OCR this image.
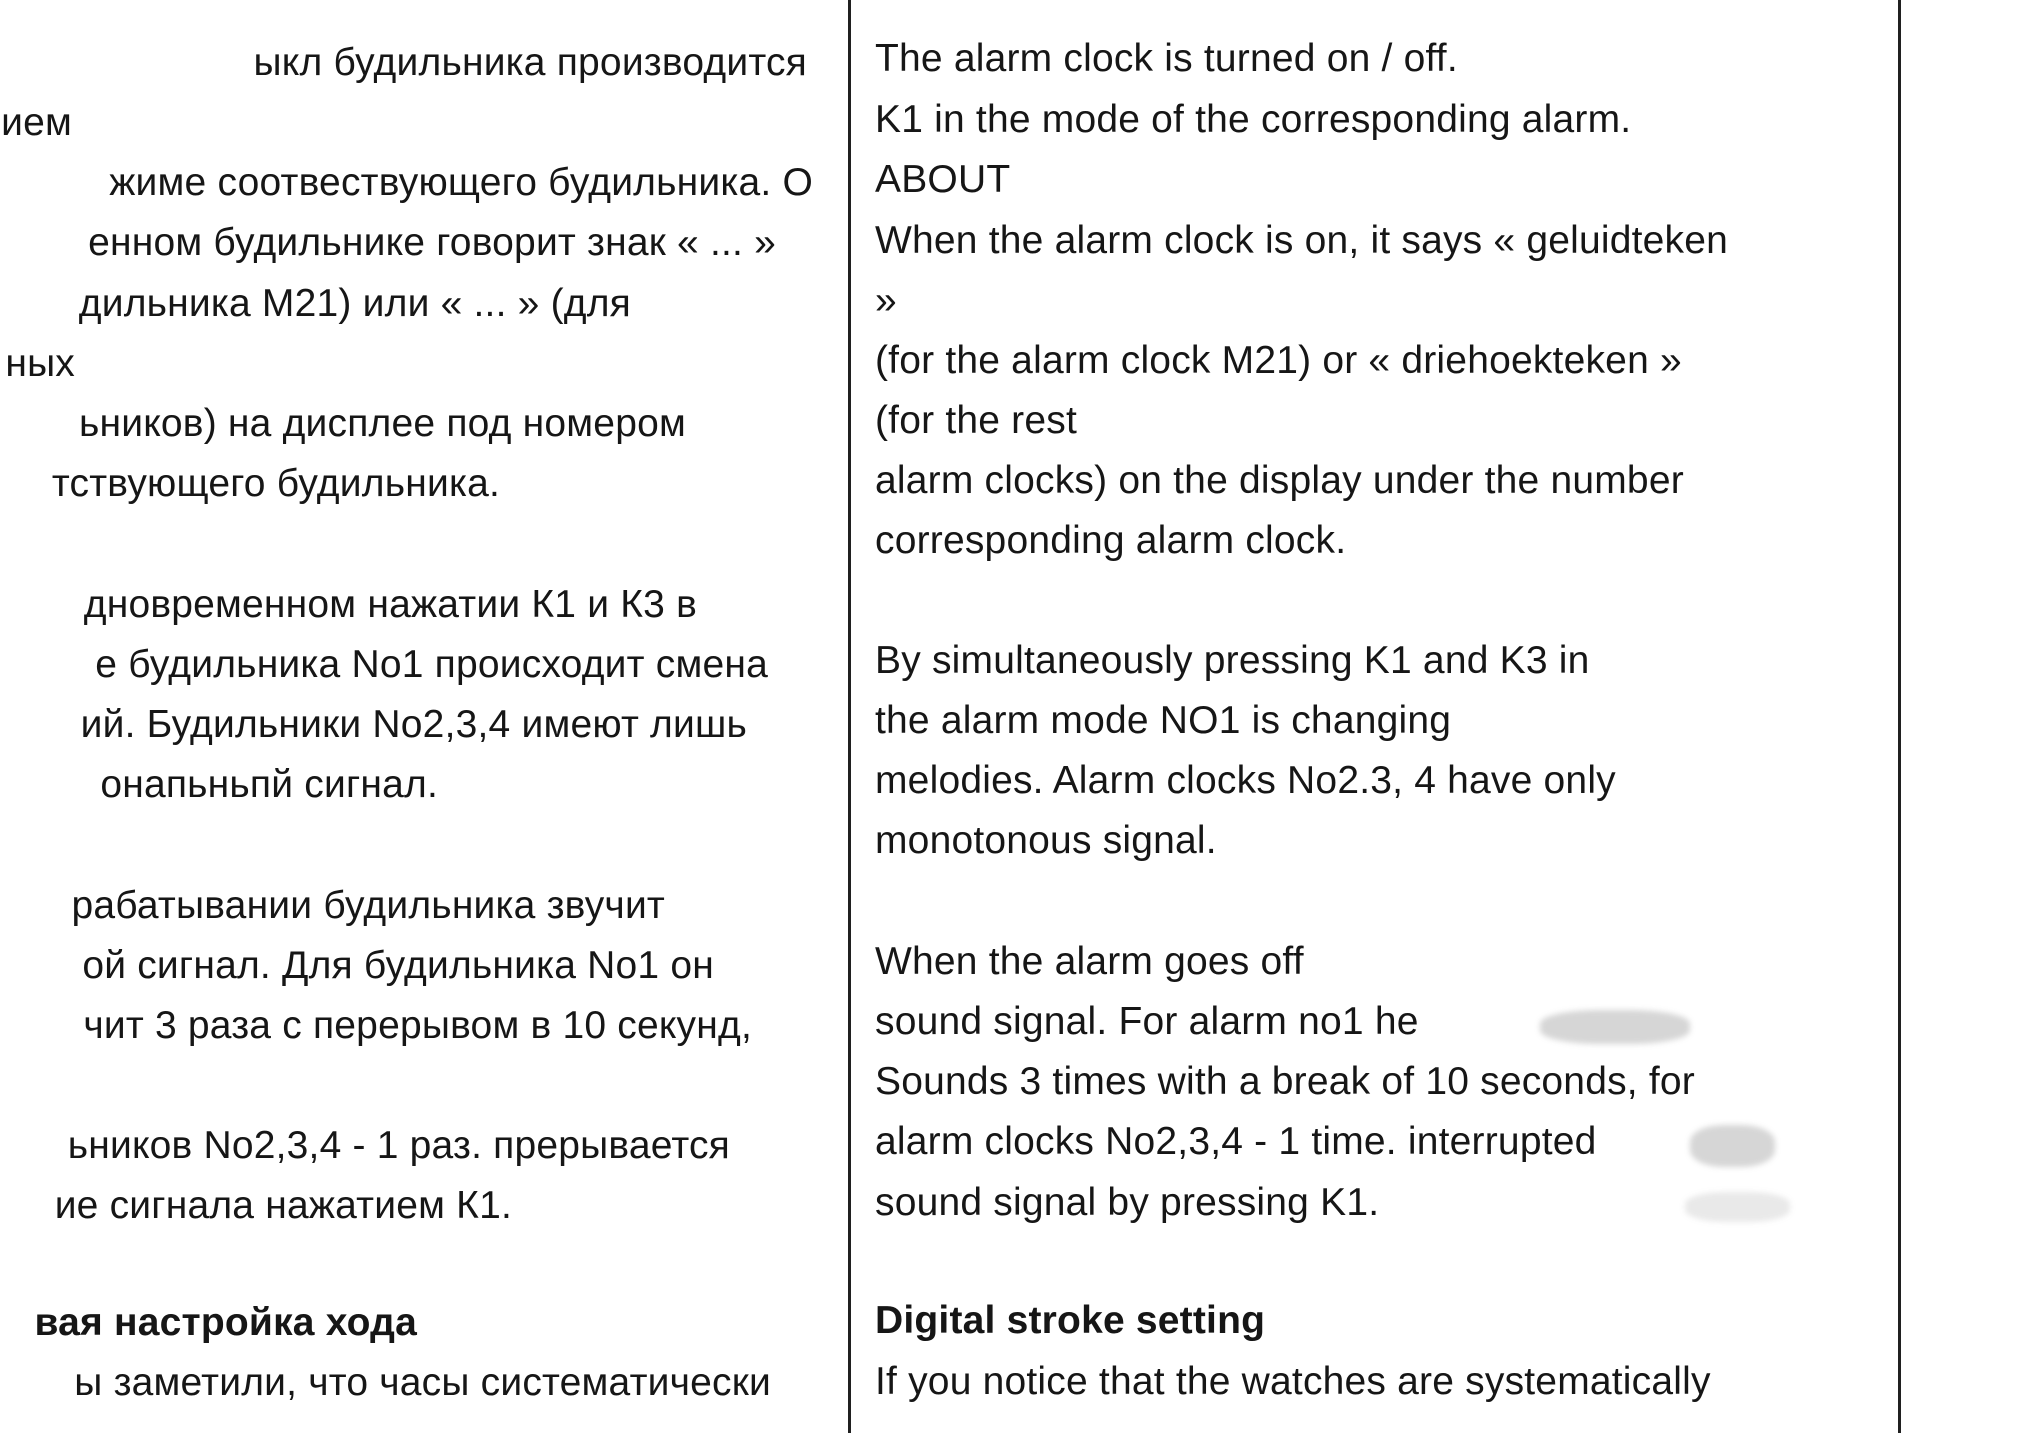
ыкл будильника производится
ием
жиме соотвествующего будильника. О
енном будильнике говорит знак « ... »
дильника M21) или « ... » (для
ных
ьников) на дисплее под номером
тствующего будильника.
дновременном нажатии К1 и К3 в
е будильника No1 происходит смена
ий. Будильники No2,3,4 имеют лишь
онапьньпй сигнал.
рабатывании будильника звучит
ой сигнал. Для будильника No1 он
чит 3 раза с перерывом в 10 секунд,
ьников No2,3,4 - 1 раз. прерывается
ие сигнала нажатием К1.
вая настройка хода
ы заметили, что часы систематически
The alarm clock is turned on / off.
K1 in the mode of the corresponding alarm.
ABOUT
When the alarm clock is on, it says « geluidteken
»
(for the alarm clock M21) or « driehoekteken »
(for the rest
alarm clocks) on the display under the number
corresponding alarm clock.
By simultaneously pressing K1 and K3 in
the alarm mode NO1 is changing
melodies. Alarm clocks No2.3, 4 have only
monotonous signal.
When the alarm goes off
sound signal. For alarm no1 he
Sounds 3 times with a break of 10 seconds, for
alarm clocks No2,3,4 - 1 time. interrupted
sound signal by pressing K1.
Digital stroke setting
If you notice that the watches are systematically
